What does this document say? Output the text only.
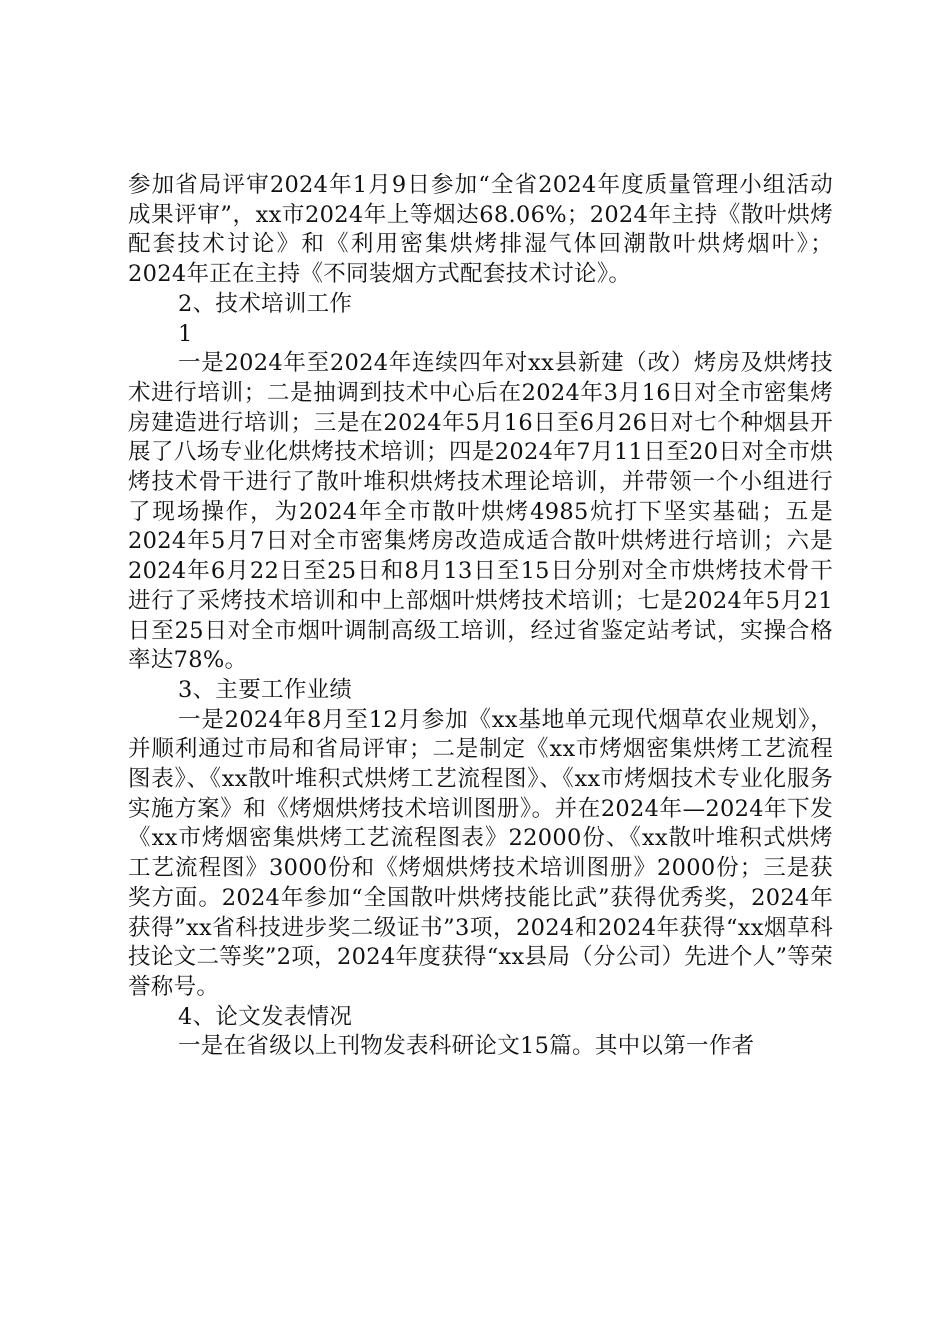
参加省局评审2024年1月9日参加“全省2024年度质量管理小组活动成果评审”，xx市2024年上等烟达68.06%；2024年主持《散叶烘烤配套技术讨论》和《利用密集烘烤排湿气体回潮散叶烘烤烟叶》；2024年正在主持《不同装烟方式配套技术讨论》。

2、技术培训工作

1

一是2024年至2024年连续四年对xx县新建（改）烤房及烘烤技术进行培训；二是抽调到技术中心后在2024年3月16日对全市密集烤房建造进行培训；三是在2024年5月16日至6月26日对七个种烟县开展了八场专业化烘烤技术培训；四是2024年7月11日至20日对全市烘烤技术骨干进行了散叶堆积烘烤技术理论培训，并带领一个小组进行了现场操作，为2024年全市散叶烘烤4985炕打下坚实基础；五是2024年5月7日对全市密集烤房改造成适合散叶烘烤进行培训；六是2024年6月22日至25日和8月13日至15日分别对全市烘烤技术骨干进行了采烤技术培训和中上部烟叶烘烤技术培训；七是2024年5月21日至25日对全市烟叶调制高级工培训，经过省鉴定站考试，实操合格率达78%。

3、主要工作业绩

一是2024年8月至12月参加《xx基地单元现代烟草农业规划》，并顺利通过市局和省局评审；二是制定《xx市烤烟密集烘烤工艺流程图表》、《xx散叶堆积式烘烤工艺流程图》、《xx市烤烟技术专业化服务实施方案》和《烤烟烘烤技术培训图册》。并在2024年—2024年下发《xx市烤烟密集烘烤工艺流程图表》22000份、《xx散叶堆积式烘烤工艺流程图》3000份和《烤烟烘烤技术培训图册》2000份；三是获奖方面。2024年参加“全国散叶烘烤技能比武”获得优秀奖，2024年获得”xx省科技进步奖二级证书”3项，2024和2024年获得“xx烟草科技论文二等奖”2项，2024年度获得“xx县局（分公司）先进个人”等荣誉称号。

4、论文发表情况

一是在省级以上刊物发表科研论文15篇。其中以第一作者
